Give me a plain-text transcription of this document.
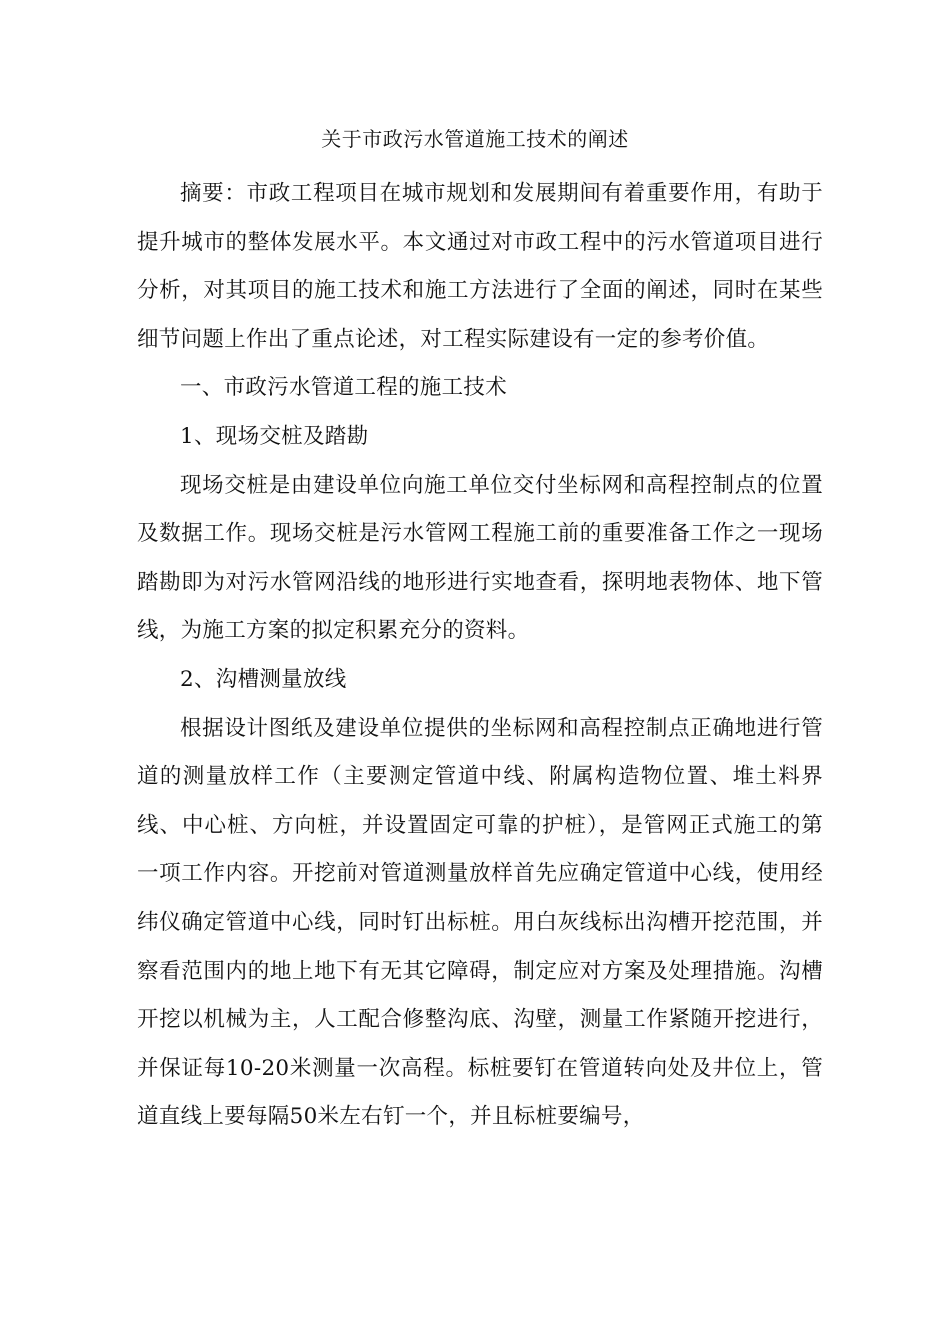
关于市政污水管道施工技术的阐述

摘要：市政工程项目在城市规划和发展期间有着重要作用，有助于提升城市的整体发展水平。本文通过对市政工程中的污水管道项目进行分析，对其项目的施工技术和施工方法进行了全面的阐述，同时在某些细节问题上作出了重点论述，对工程实际建设有一定的参考价值。

一、市政污水管道工程的施工技术

1、现场交桩及踏勘

现场交桩是由建设单位向施工单位交付坐标网和高程控制点的位置及数据工作。现场交桩是污水管网工程施工前的重要准备工作之一现场踏勘即为对污水管网沿线的地形进行实地查看，探明地表物体、地下管线，为施工方案的拟定积累充分的资料。

2、沟槽测量放线

根据设计图纸及建设单位提供的坐标网和高程控制点正确地进行管道的测量放样工作（主要测定管道中线、附属构造物位置、堆土料界线、中心桩、方向桩，并设置固定可靠的护桩），是管网正式施工的第一项工作内容。开挖前对管道测量放样首先应确定管道中心线，使用经纬仪确定管道中心线，同时钉出标桩。用白灰线标出沟槽开挖范围，并察看范围内的地上地下有无其它障碍，制定应对方案及处理措施。沟槽开挖以机械为主，人工配合修整沟底、沟壁，测量工作紧随开挖进行，并保证每10-20米测量一次高程。标桩要钉在管道转向处及井位上，管道直线上要每隔50米左右钉一个，并且标桩要编号，
